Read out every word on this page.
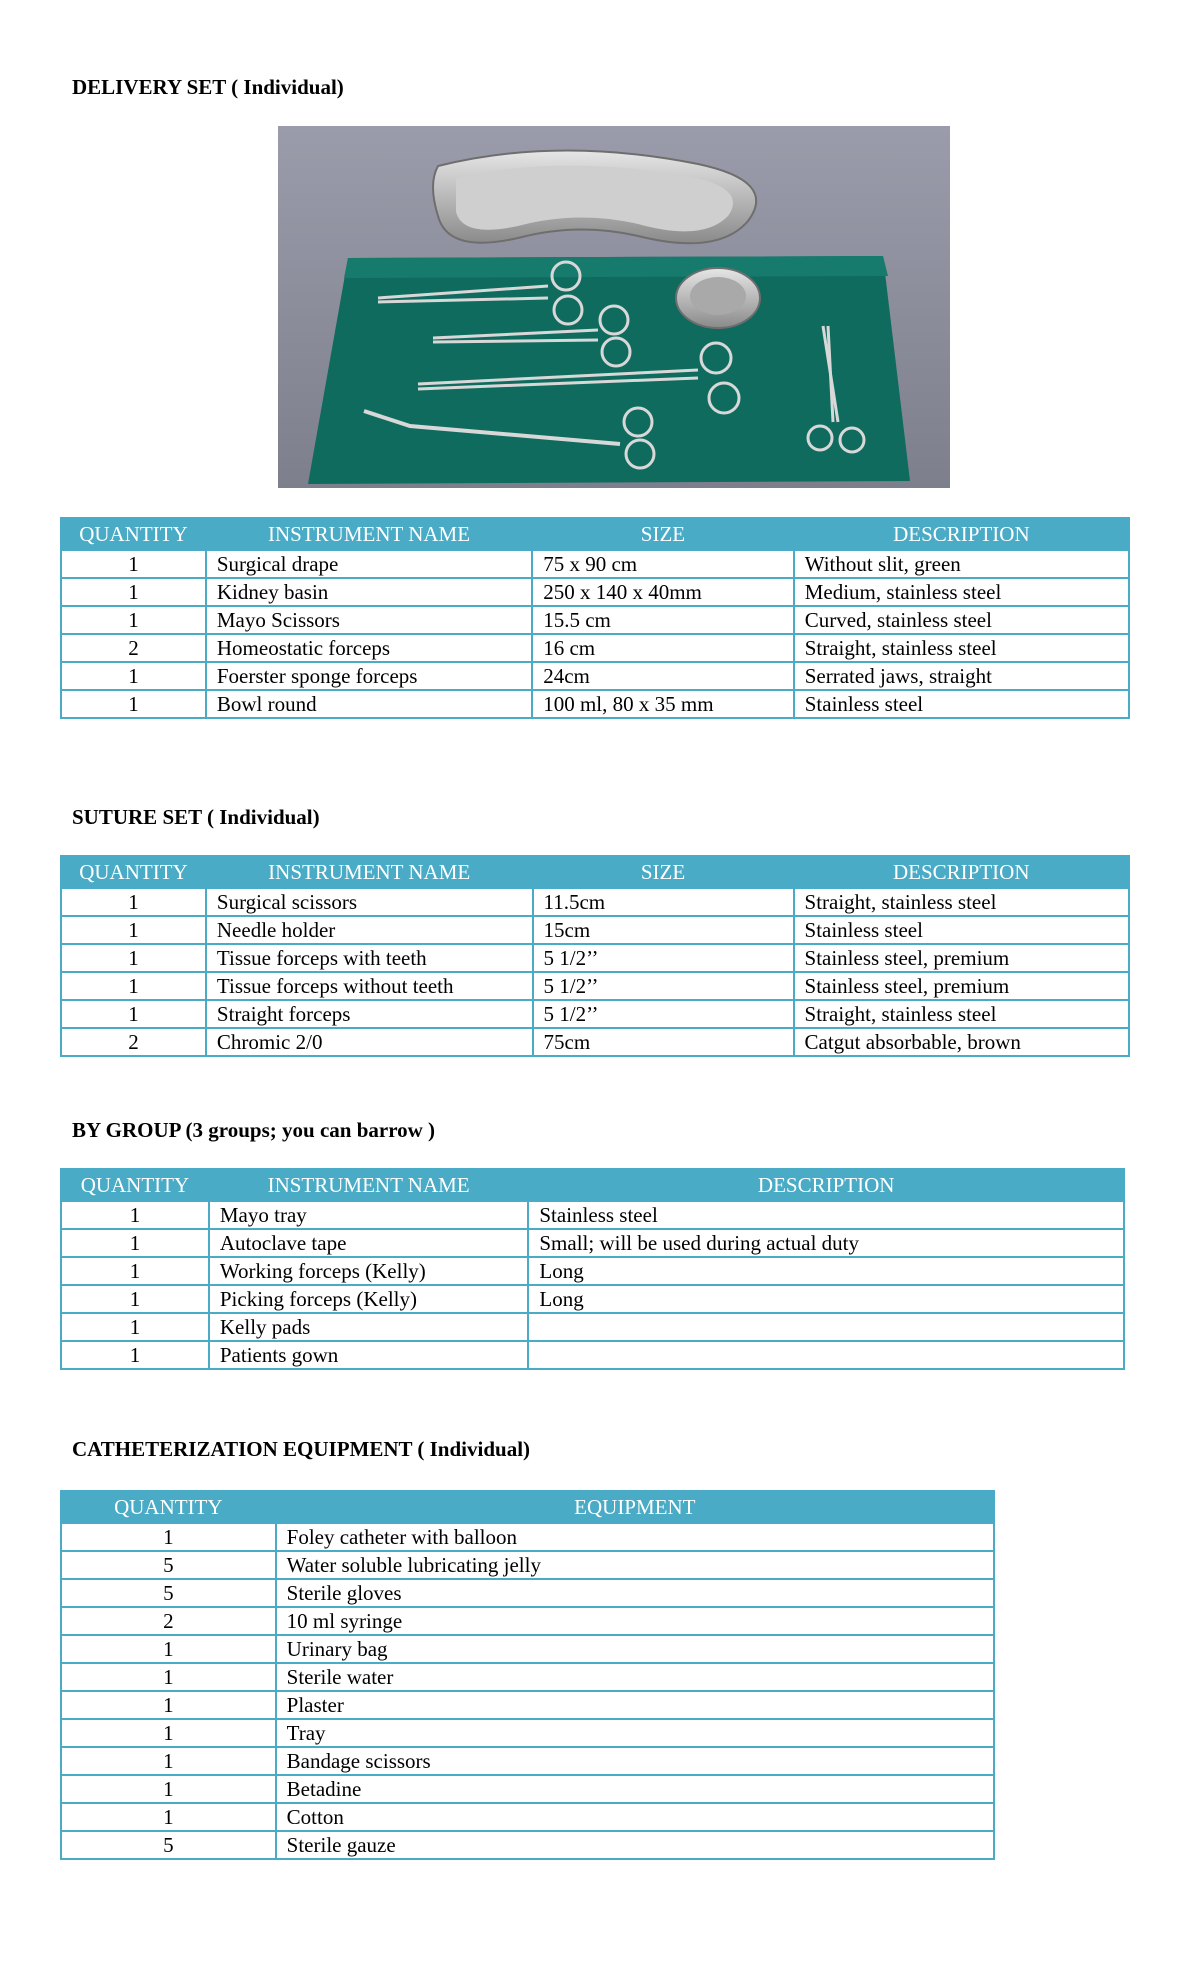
DELIVERY SET ( Individual)
QUANTITY	INSTRUMENT NAME	SIZE	DESCRIPTION
1	Surgical drape	75 x 90 cm	Without slit, green
1	Kidney basin	250 x 140 x 40mm	Medium, stainless steel
1	Mayo Scissors	15.5 cm	Curved, stainless steel
2	Homeostatic forceps	16 cm	Straight, stainless steel
1	Foerster sponge forceps	24cm	Serrated jaws, straight
1	Bowl round	100 ml, 80 x 35 mm	Stainless steel
SUTURE SET ( Individual)
QUANTITY	INSTRUMENT NAME	SIZE	DESCRIPTION
1	Surgical scissors	11.5cm	Straight, stainless steel
1	Needle holder	15cm	Stainless steel
1	Tissue forceps with teeth	5 1/2’’	Stainless steel, premium
1	Tissue forceps without teeth	5 1/2’’	Stainless steel, premium
1	Straight forceps	5 1/2’’	Straight, stainless steel
2	Chromic 2/0	75cm	Catgut absorbable, brown
BY GROUP (3 groups; you can barrow )
QUANTITY	INSTRUMENT NAME	DESCRIPTION
1	Mayo tray	Stainless steel
1	Autoclave tape	Small; will be used during actual duty
1	Working forceps (Kelly)	Long
1	Picking forceps (Kelly)	Long
1	Kelly pads	
1	Patients gown	
CATHETERIZATION EQUIPMENT ( Individual)
QUANTITY	EQUIPMENT
1	Foley catheter with balloon
5	Water soluble lubricating jelly
5	Sterile gloves
2	10 ml syringe
1	Urinary bag
1	Sterile water
1	Plaster
1	Tray
1	Bandage scissors
1	Betadine
1	Cotton
5	Sterile gauze
